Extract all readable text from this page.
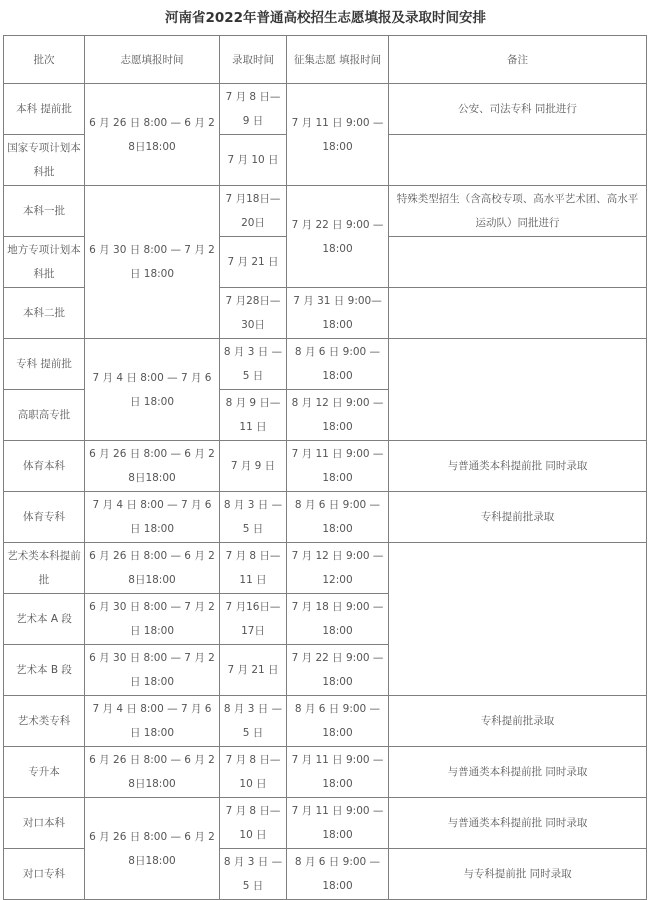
河南省2022年普通高校招生志愿填报及录取时间安排
批次	志愿填报时间	录取时间	征集志愿 填报时间	备注
本科 提前批	6 月 26 日 8:00 — 6 月 28日18:00	7 月 8 日— 9 日	7 月 11 日 9:00 — 18:00	公安、司法专科 同批进行
国家专项计划本科批		7 月 10 日		
本科一批	6 月 30 日 8:00 — 7 月 2 日 18:00	7 月18日— 20日	7 月 22 日 9:00 — 18:00	特殊类型招生（含高校专项、高水平艺术团、高水平运动队）同批进行
地方专项计划本科批		7 月 21 日		
本科二批		7 月28日— 30日	7 月 31 日 9:00— 18:00	
专科 提前批	7 月 4 日 8:00 — 7 月 6 日 18:00	8 月 3 日 — 5 日	8 月 6 日 9:00 — 18:00	
高职高专批		8 月 9 日— 11 日	8 月 12 日 9:00 — 18:00	
体育本科	6 月 26 日 8:00 — 6 月 28日18:00	7 月 9 日	7 月 11 日 9:00 — 18:00	与普通类本科提前批 同时录取
体育专科	7 月 4 日 8:00 — 7 月 6 日 18:00	8 月 3 日 — 5 日	8 月 6 日 9:00 — 18:00	专科提前批录取
艺术类本科提前批	6 月 26 日 8:00 — 6 月 28日18:00	7 月 8 日— 11 日	7 月 12 日 9:00 — 12:00	
艺术本 A 段	6 月 30 日 8:00 — 7 月 2 日 18:00	7 月16日— 17日	7 月 18 日 9:00 — 18:00	
艺术本 B 段	6 月 30 日 8:00 — 7 月 2 日 18:00	7 月 21 日	7 月 22 日 9:00 — 18:00	
艺术类专科	7 月 4 日 8:00 — 7 月 6 日 18:00	8 月 3 日 — 5 日	8 月 6 日 9:00 — 18:00	专科提前批录取
专升本	6 月 26 日 8:00 — 6 月 28日18:00	7 月 8 日— 10 日	7 月 11 日 9:00 — 18:00	与普通类本科提前批 同时录取
对口本科	6 月 26 日 8:00 — 6 月 28日18:00	7 月 8 日— 10 日	7 月 11 日 9:00 — 18:00	与普通类本科提前批 同时录取
对口专科		8 月 3 日 — 5 日	8 月 6 日 9:00 — 18:00	与专科提前批 同时录取
